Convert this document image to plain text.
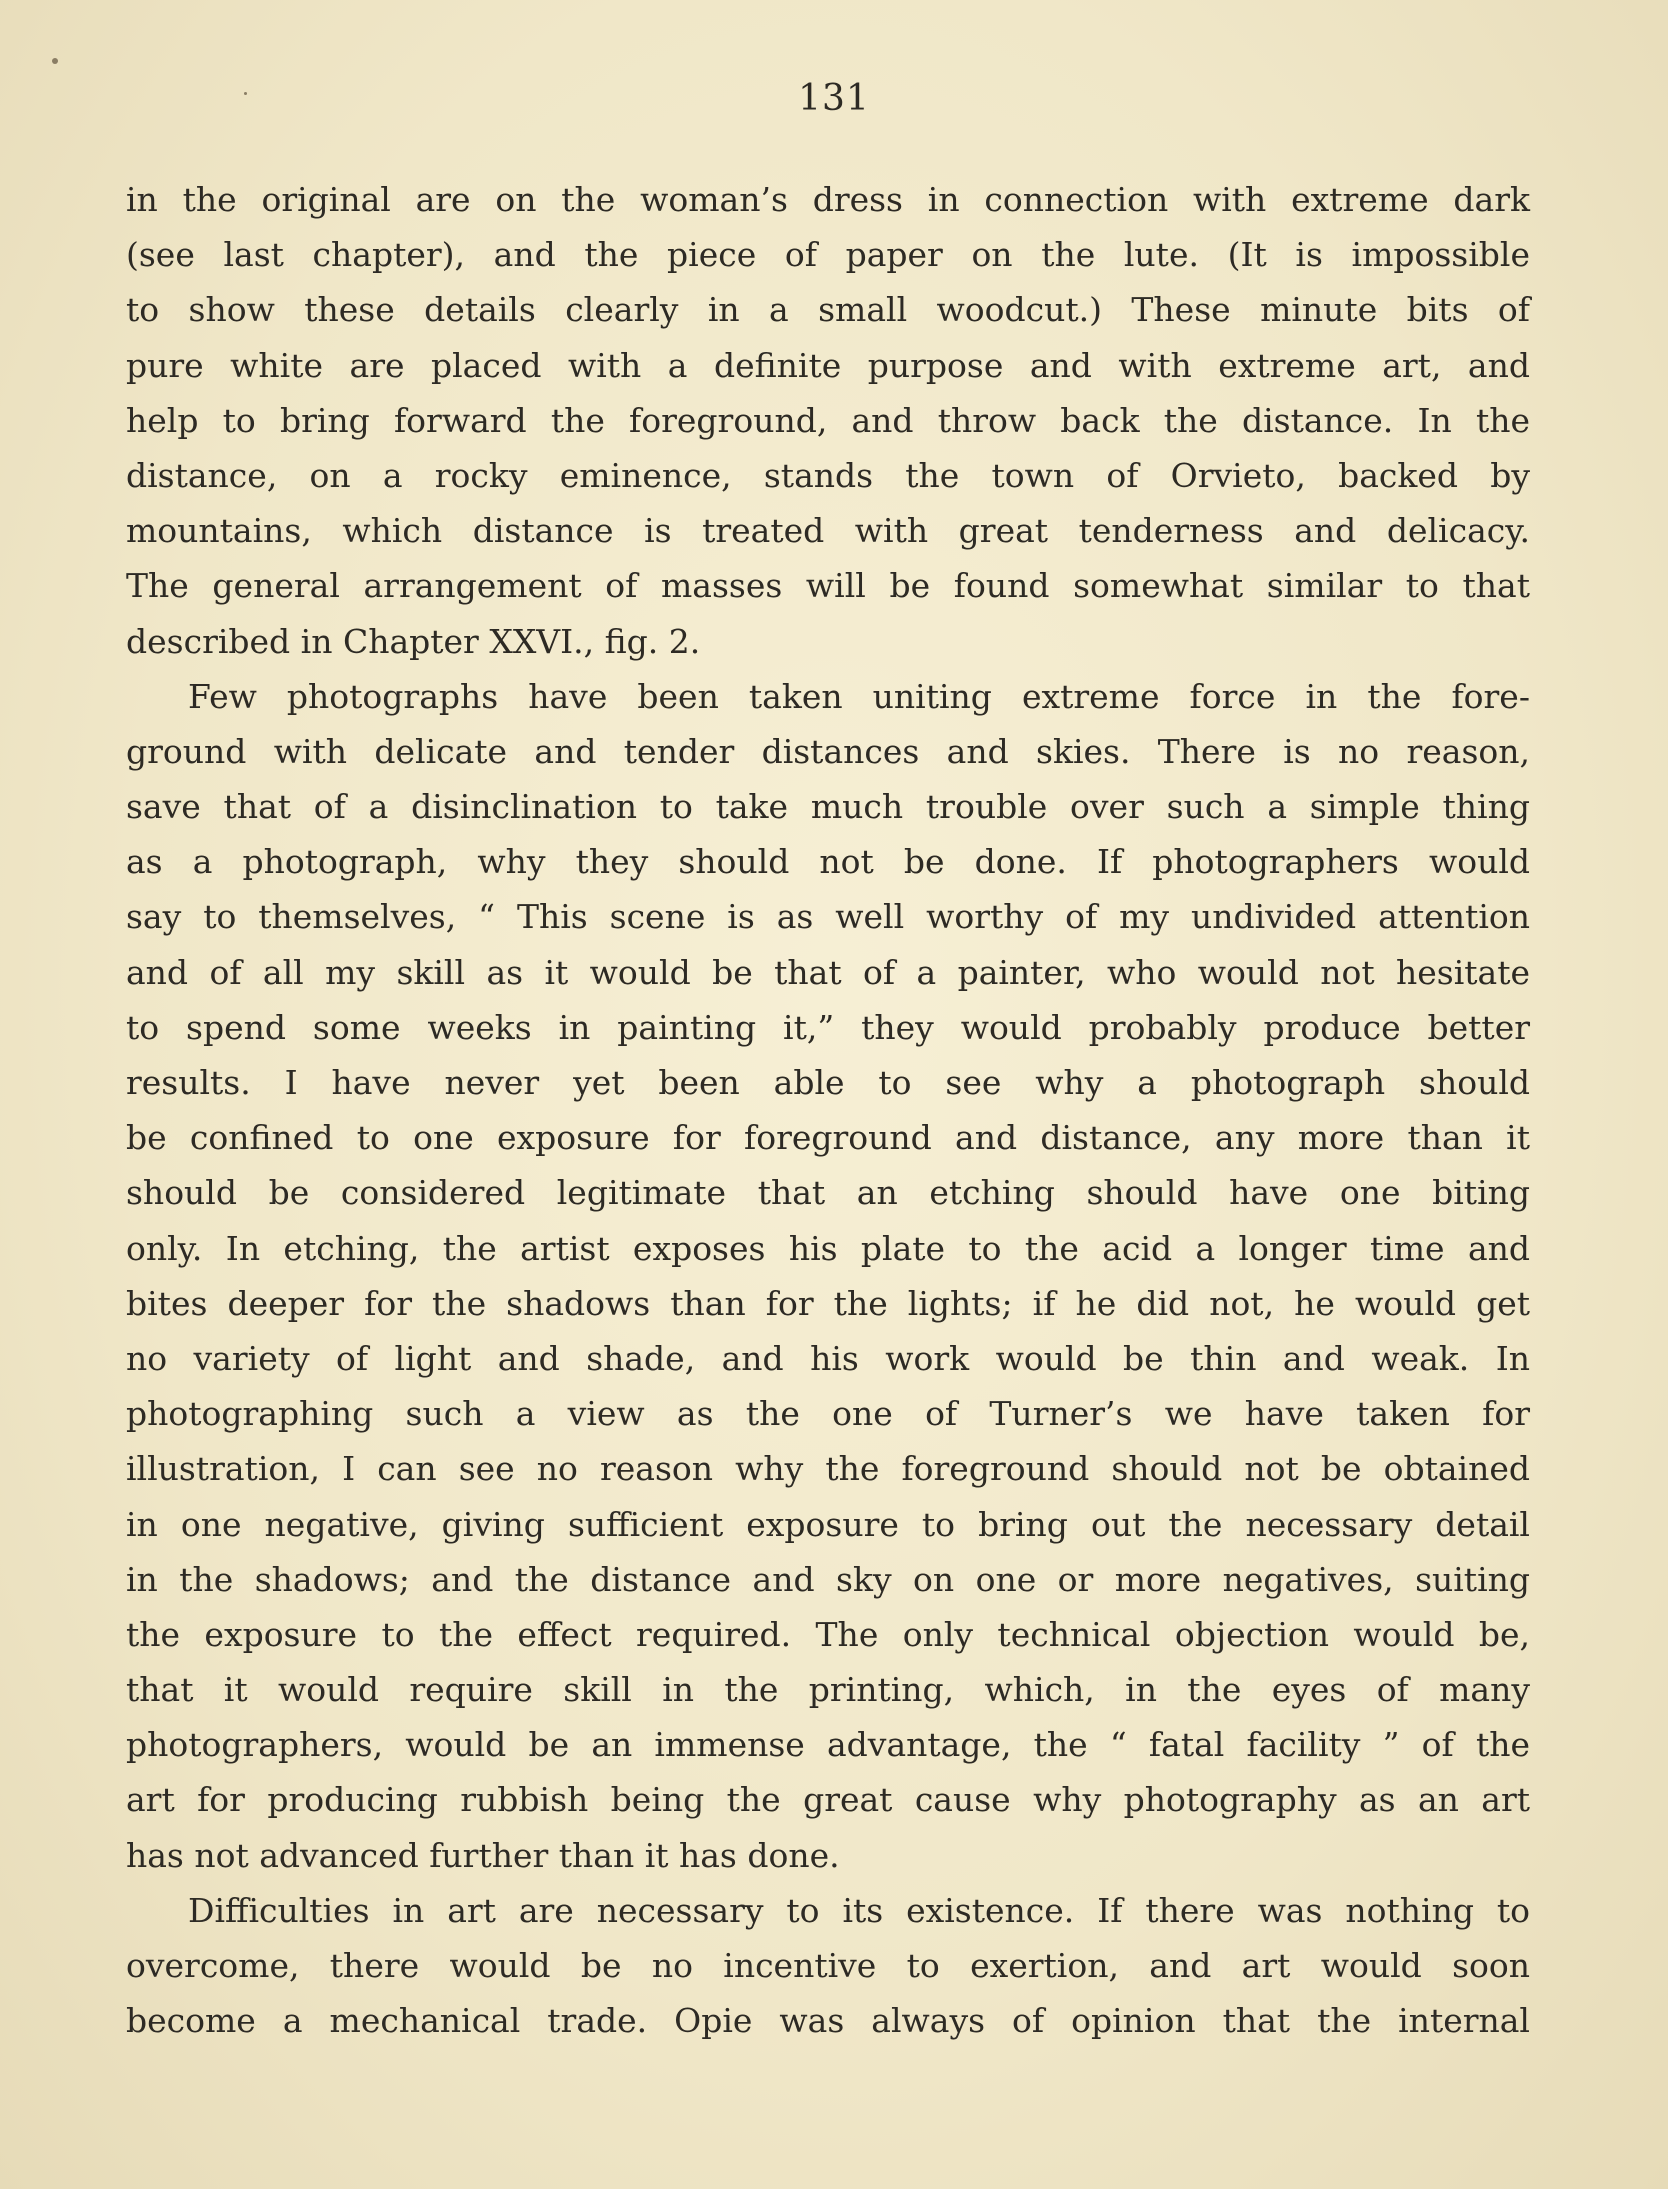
131
in the original are on the woman’s dress in connection with extreme dark
(see last chapter), and the piece of paper on the lute. (It is impossible
to show these details clearly in a small woodcut.) These minute bits of
pure white are placed with a definite purpose and with extreme art, and
help to bring forward the foreground, and throw back the distance. In the
distance, on a rocky eminence, stands the town of Orvieto, backed by
mountains, which distance is treated with great tenderness and delicacy.
The general arrangement of masses will be found somewhat similar to that
described in Chapter XXVI., fig. 2.
Few photographs have been taken uniting extreme force in the fore-
ground with delicate and tender distances and skies. There is no reason,
save that of a disinclination to take much trouble over such a simple thing
as a photograph, why they should not be done. If photographers would
say to themselves, “ This scene is as well worthy of my undivided attention
and of all my skill as it would be that of a painter, who would not hesitate
to spend some weeks in painting it,” they would probably produce better
results. I have never yet been able to see why a photograph should
be confined to one exposure for foreground and distance, any more than it
should be considered legitimate that an etching should have one biting
only. In etching, the artist exposes his plate to the acid a longer time and
bites deeper for the shadows than for the lights; if he did not, he would get
no variety of light and shade, and his work would be thin and weak. In
photographing such a view as the one of Turner’s we have taken for
illustration, I can see no reason why the foreground should not be obtained
in one negative, giving sufficient exposure to bring out the necessary detail
in the shadows; and the distance and sky on one or more negatives, suiting
the exposure to the effect required. The only technical objection would be,
that it would require skill in the printing, which, in the eyes of many
photographers, would be an immense advantage, the “ fatal facility ” of the
art for producing rubbish being the great cause why photography as an art
has not advanced further than it has done.
Difficulties in art are necessary to its existence. If there was nothing to
overcome, there would be no incentive to exertion, and art would soon
become a mechanical trade. Opie was always of opinion that the internal
